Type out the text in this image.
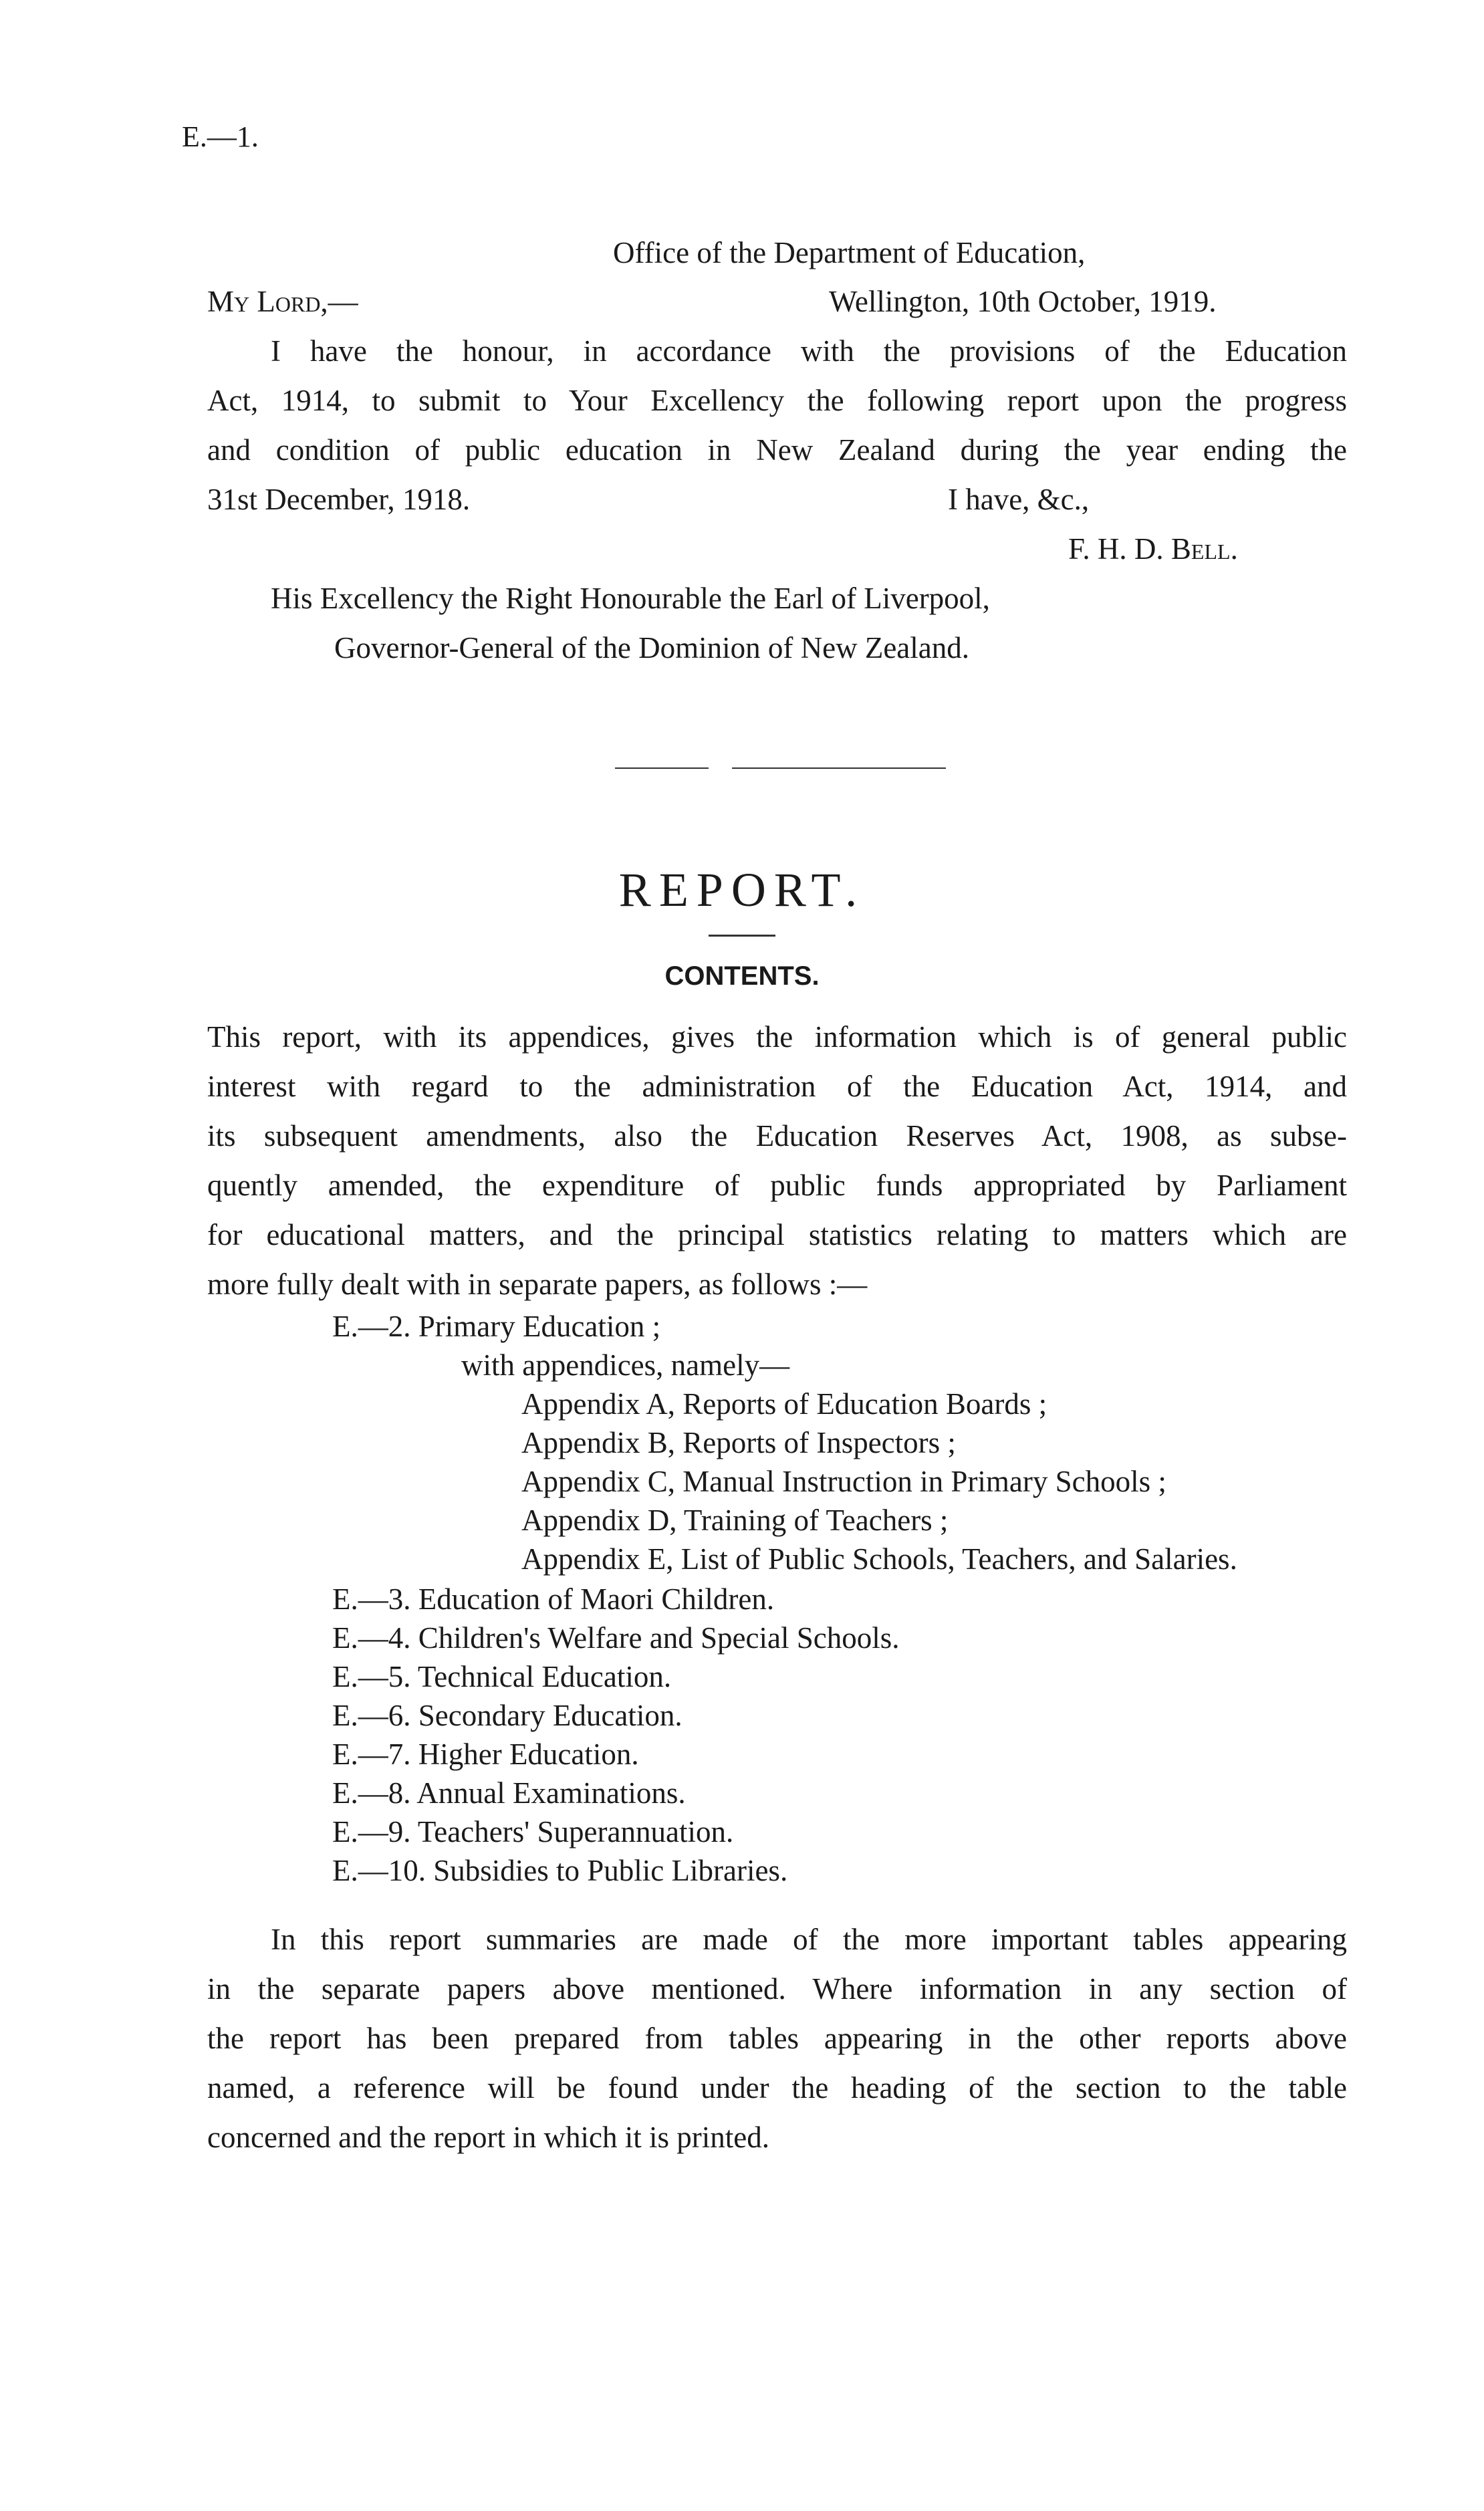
E.—1.
Office of the Department of Education,
My Lord,—	Wellington, 10th October, 1919.
I have the honour, in accordance with the provisions of the Education
Act, 1914, to submit to Your Excellency the following report upon the progress
and condition of public education in New Zealand during the year ending the
31st December, 1918.	I have, &c.,
F. H. D. Bell.
His Excellency the Right Honourable the Earl of Liverpool,
Governor-General of the Dominion of New Zealand.
REPORT.
CONTENTS.
This report, with its appendices, gives the information which is of general public
interest with regard to the administration of the Education Act, 1914, and
its subsequent amendments, also the Education Reserves Act, 1908, as subse-
quently amended, the expenditure of public funds appropriated by Parliament
for educational matters, and the principal statistics relating to matters which are
more fully dealt with in separate papers, as follows :—
E.—2. Primary Education ;
with appendices, namely—
Appendix A, Reports of Education Boards ;
Appendix B, Reports of Inspectors ;
Appendix C, Manual Instruction in Primary Schools ;
Appendix D, Training of Teachers ;
Appendix E, List of Public Schools, Teachers, and Salaries.
E.—3. Education of Maori Children.
E.—4. Children's Welfare and Special Schools.
E.—5. Technical Education.
E.—6. Secondary Education.
E.—7. Higher Education.
E.—8. Annual Examinations.
E.—9. Teachers' Superannuation.
E.—10. Subsidies to Public Libraries.
In this report summaries are made of the more important tables appearing
in the separate papers above mentioned. Where information in any section of
the report has been prepared from tables appearing in the other reports above
named, a reference will be found under the heading of the section to the table
concerned and the report in which it is printed.
